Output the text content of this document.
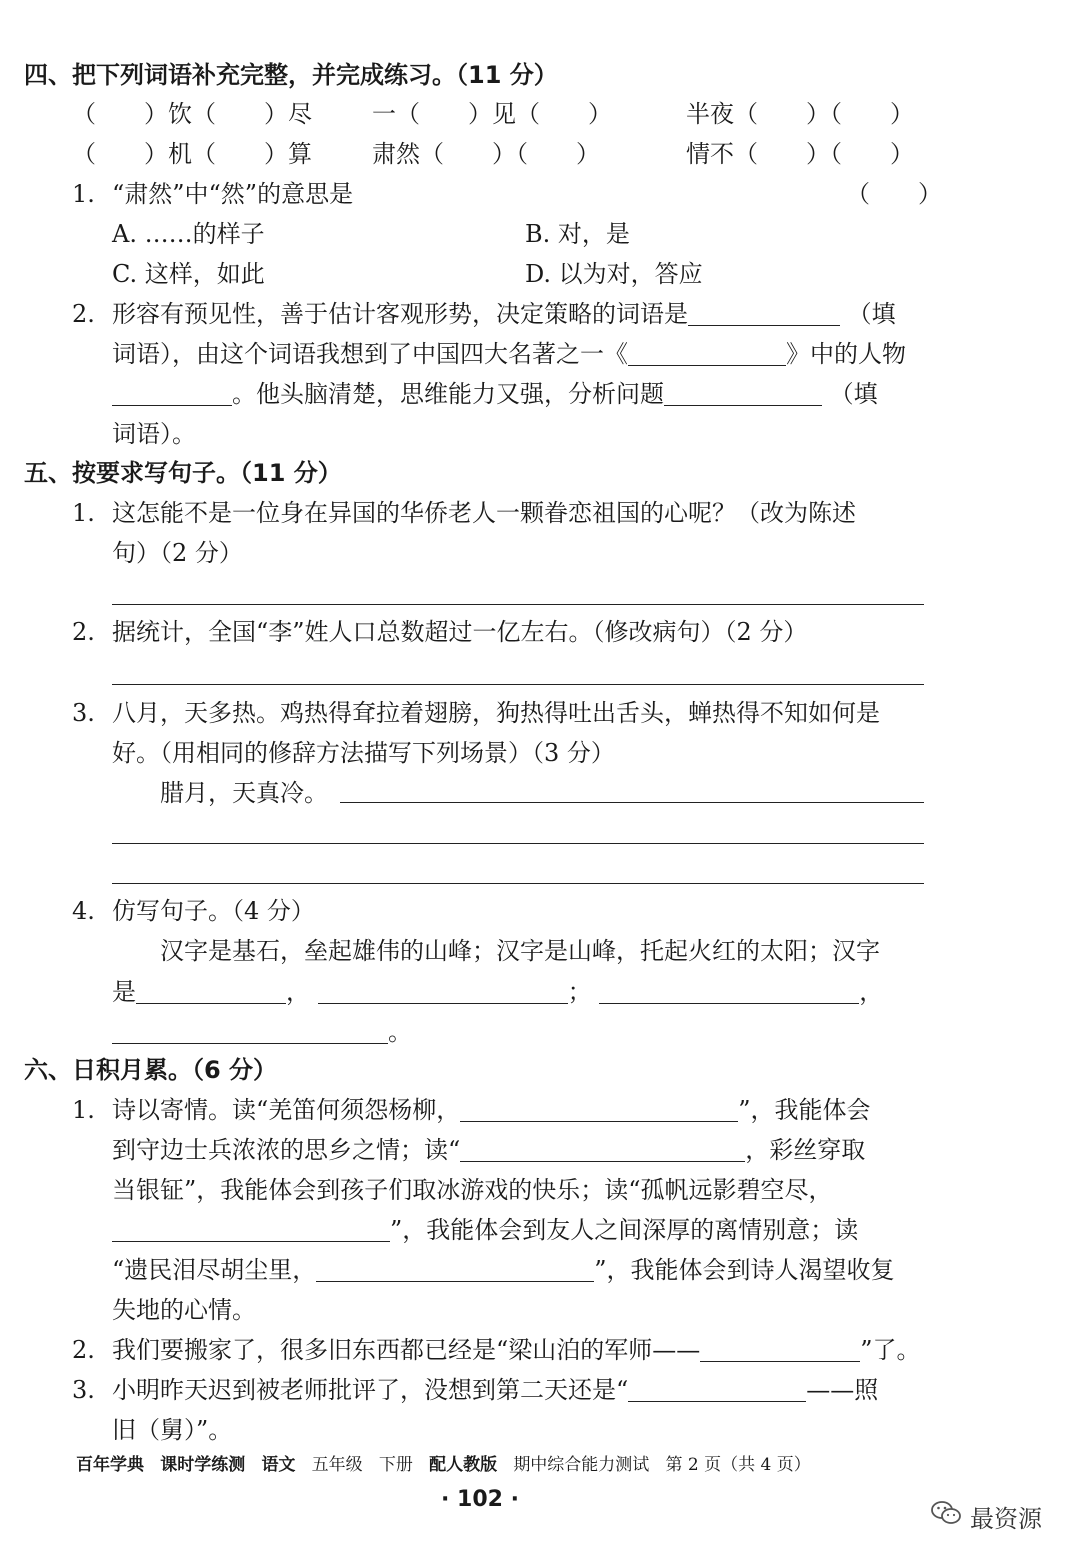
四、把下列词语补充完整，并完成练习。（11 分）
（　　）饮（　　）尽	一（　　）见（　　）	半夜（　　）（　　）
（　　）机（　　）算	肃然（　　）（　　）	情不（　　）（　　）
1. “肃然”中“然”的意思是	（　　）
A. ……的样子	B. 对，是
C. 这样，如此	D. 以为对，答应
2. 形容有预见性，善于估计客观形势，决定策略的词语是	（填
词语），由这个词语我想到了中国四大名著之一《	》中的人物
。他头脑清楚，思维能力又强，分析问题	（填
词语）。
五、按要求写句子。（11 分）
1. 这怎能不是一位身在异国的华侨老人一颗眷恋祖国的心呢？（改为陈述
句）（2 分）
2. 据统计，全国“李”姓人口总数超过一亿左右。（修改病句）（2 分）
3. 八月，天多热。鸡热得耷拉着翅膀，狗热得吐出舌头，蝉热得不知如何是
好。（用相同的修辞方法描写下列场景）（3 分）
腊月，天真冷。
4. 仿写句子。（4 分）
汉字是基石，垒起雄伟的山峰；汉字是山峰，托起火红的太阳；汉字
是	，	；	，
。
六、日积月累。（6 分）
1. 诗以寄情。读“羌笛何须怨杨柳，	”，我能体会
到守边士兵浓浓的思乡之情；读“	，彩丝穿取
当银钲”，我能体会到孩子们取冰游戏的快乐；读“孤帆远影碧空尽，
”，我能体会到友人之间深厚的离情别意；读
“遗民泪尽胡尘里，	”，我能体会到诗人渴望收复
失地的心情。
2. 我们要搬家了，很多旧东西都已经是“梁山泊的军师——	”了。
3. 小明昨天迟到被老师批评了，没想到第二天还是“	——照
旧（舅）”。
百年学典 课时学练测 语文 五年级 下册 配人教版 期中综合能力测试 第 2 页（共 4 页）
· 102 ·
最资源
